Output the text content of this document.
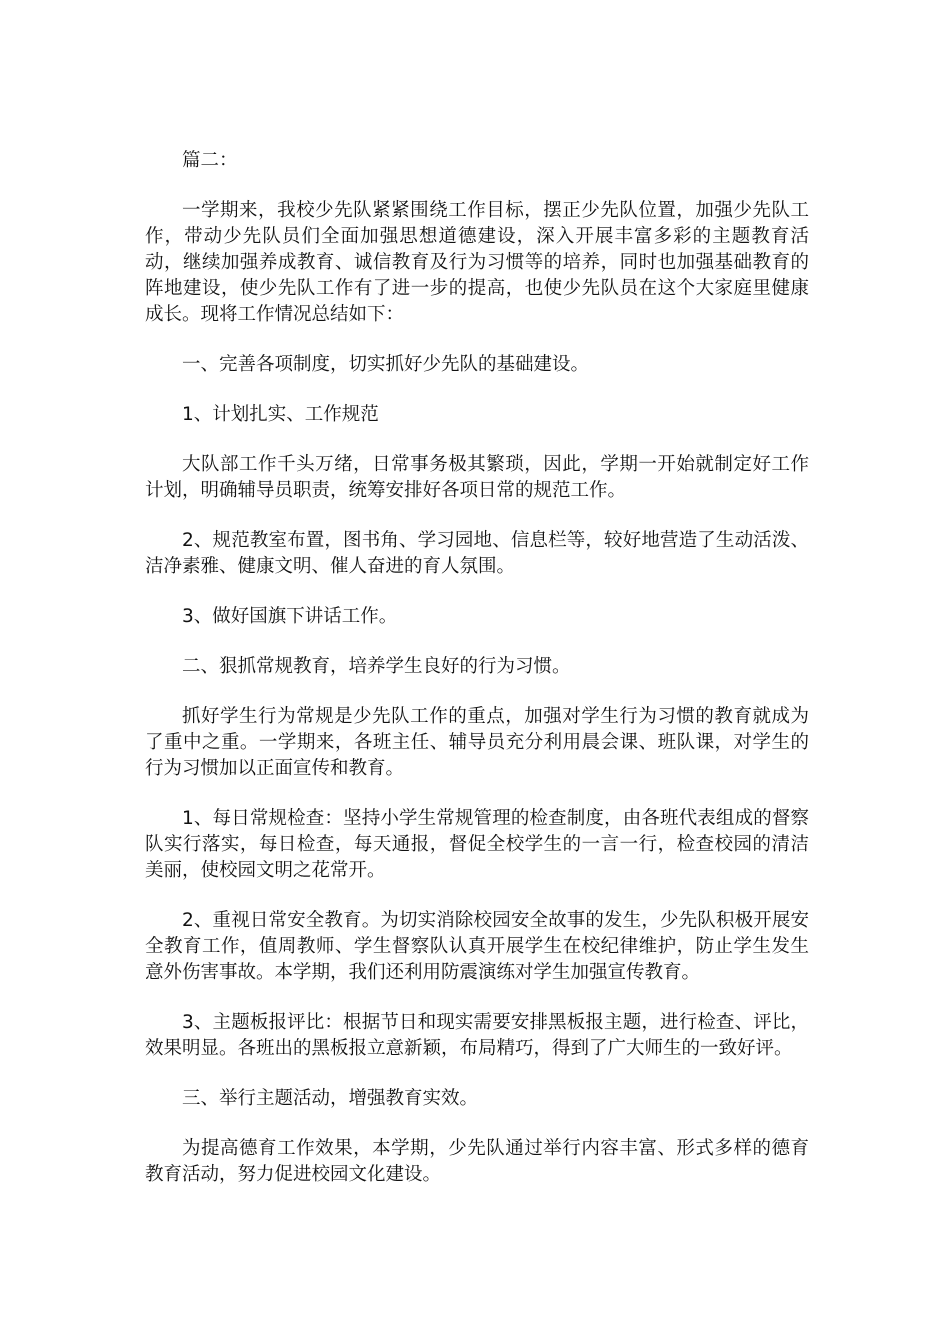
篇二：

一学期来，我校少先队紧紧围绕工作目标，摆正少先队位置，加强少先队工作，带动少先队员们全面加强思想道德建设，深入开展丰富多彩的主题教育活动，继续加强养成教育、诚信教育及行为习惯等的培养，同时也加强基础教育的阵地建设，使少先队工作有了进一步的提高，也使少先队员在这个大家庭里健康成长。现将工作情况总结如下：

一、完善各项制度，切实抓好少先队的基础建设。

1、计划扎实、工作规范

大队部工作千头万绪，日常事务极其繁琐，因此，学期一开始就制定好工作计划，明确辅导员职责，统筹安排好各项日常的规范工作。

2、规范教室布置，图书角、学习园地、信息栏等，较好地营造了生动活泼、洁净素雅、健康文明、催人奋进的育人氛围。

3、做好国旗下讲话工作。

二、狠抓常规教育，培养学生良好的行为习惯。

抓好学生行为常规是少先队工作的重点，加强对学生行为习惯的教育就成为了重中之重。一学期来，各班主任、辅导员充分利用晨会课、班队课，对学生的行为习惯加以正面宣传和教育。

1、每日常规检查：坚持小学生常规管理的检查制度，由各班代表组成的督察队实行落实，每日检查，每天通报，督促全校学生的一言一行，检查校园的清洁美丽，使校园文明之花常开。

2、重视日常安全教育。为切实消除校园安全故事的发生，少先队积极开展安全教育工作，值周教师、学生督察队认真开展学生在校纪律维护，防止学生发生意外伤害事故。本学期，我们还利用防震演练对学生加强宣传教育。

3、主题板报评比：根据节日和现实需要安排黑板报主题，进行检查、评比，效果明显。各班出的黑板报立意新颖，布局精巧，得到了广大师生的一致好评。

三、举行主题活动，增强教育实效。

为提高德育工作效果，本学期，少先队通过举行内容丰富、形式多样的德育教育活动，努力促进校园文化建设。
